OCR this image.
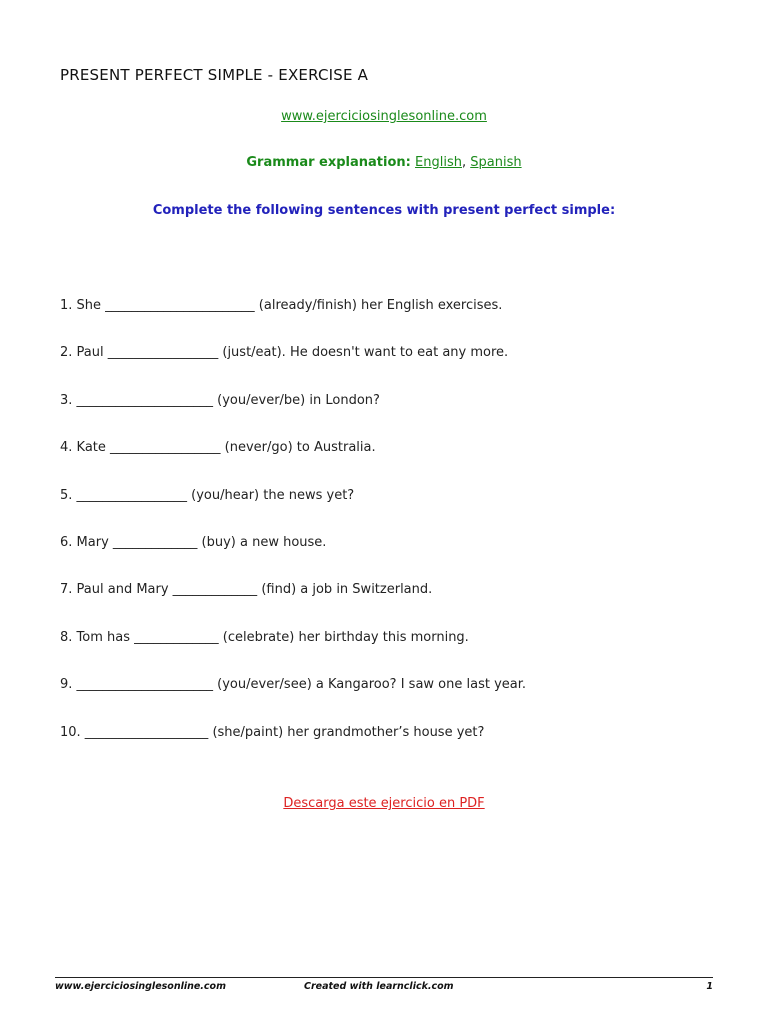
PRESENT PERFECT SIMPLE - EXERCISE A
www.ejerciciosinglesonline.com
Grammar explanation: English, Spanish
Complete the following sentences with present perfect simple:
1. She _______________________ (already/finish) her English exercises.
2. Paul _________________ (just/eat). He doesn't want to eat any more.
3. _____________________ (you/ever/be) in London?
4. Kate _________________ (never/go) to Australia.
5. _________________ (you/hear) the news yet?
6. Mary _____________ (buy) a new house.
7. Paul and Mary _____________ (find) a job in Switzerland.
8. Tom has _____________ (celebrate) her birthday this morning.
9. _____________________ (you/ever/see) a Kangaroo? I saw one last year.
10. ___________________ (she/paint) her grandmother’s house yet?
Descarga este ejercicio en PDF
www.ejerciciosinglesonline.com	Created with learnclick.com	1
